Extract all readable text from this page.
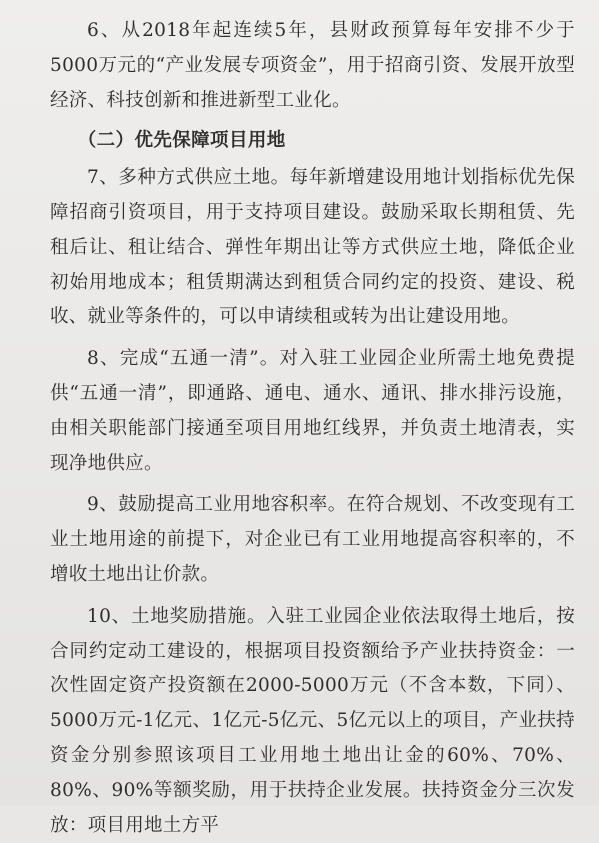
6、从2018年起连续5年，县财政预算每年安排不少于5000万元的“产业发展专项资金”，用于招商引资、发展开放型经济、科技创新和推进新型工业化。

（二）优先保障项目用地

7、多种方式供应土地。每年新增建设用地计划指标优先保障招商引资项目，用于支持项目建设。鼓励采取长期租赁、先租后让、租让结合、弹性年期出让等方式供应土地，降低企业初始用地成本；租赁期满达到租赁合同约定的投资、建设、税收、就业等条件的，可以申请续租或转为出让建设用地。

8、完成“五通一清”。对入驻工业园企业所需土地免费提供“五通一清”，即通路、通电、通水、通讯、排水排污设施，由相关职能部门接通至项目用地红线界，并负责土地清表，实现净地供应。

9、鼓励提高工业用地容积率。在符合规划、不改变现有工业土地用途的前提下，对企业已有工业用地提高容积率的，不增收土地出让价款。

10、土地奖励措施。入驻工业园企业依法取得土地后，按合同约定动工建设的，根据项目投资额给予产业扶持资金：一次性固定资产投资额在2000-5000万元（不含本数，下同）、5000万元-1亿元、1亿元-5亿元、5亿元以上的项目，产业扶持资金分别参照该项目工业用地土地出让金的60%、70%、80%、90%等额奖励，用于扶持企业发展。扶持资金分三次发放：项目用地土方平
